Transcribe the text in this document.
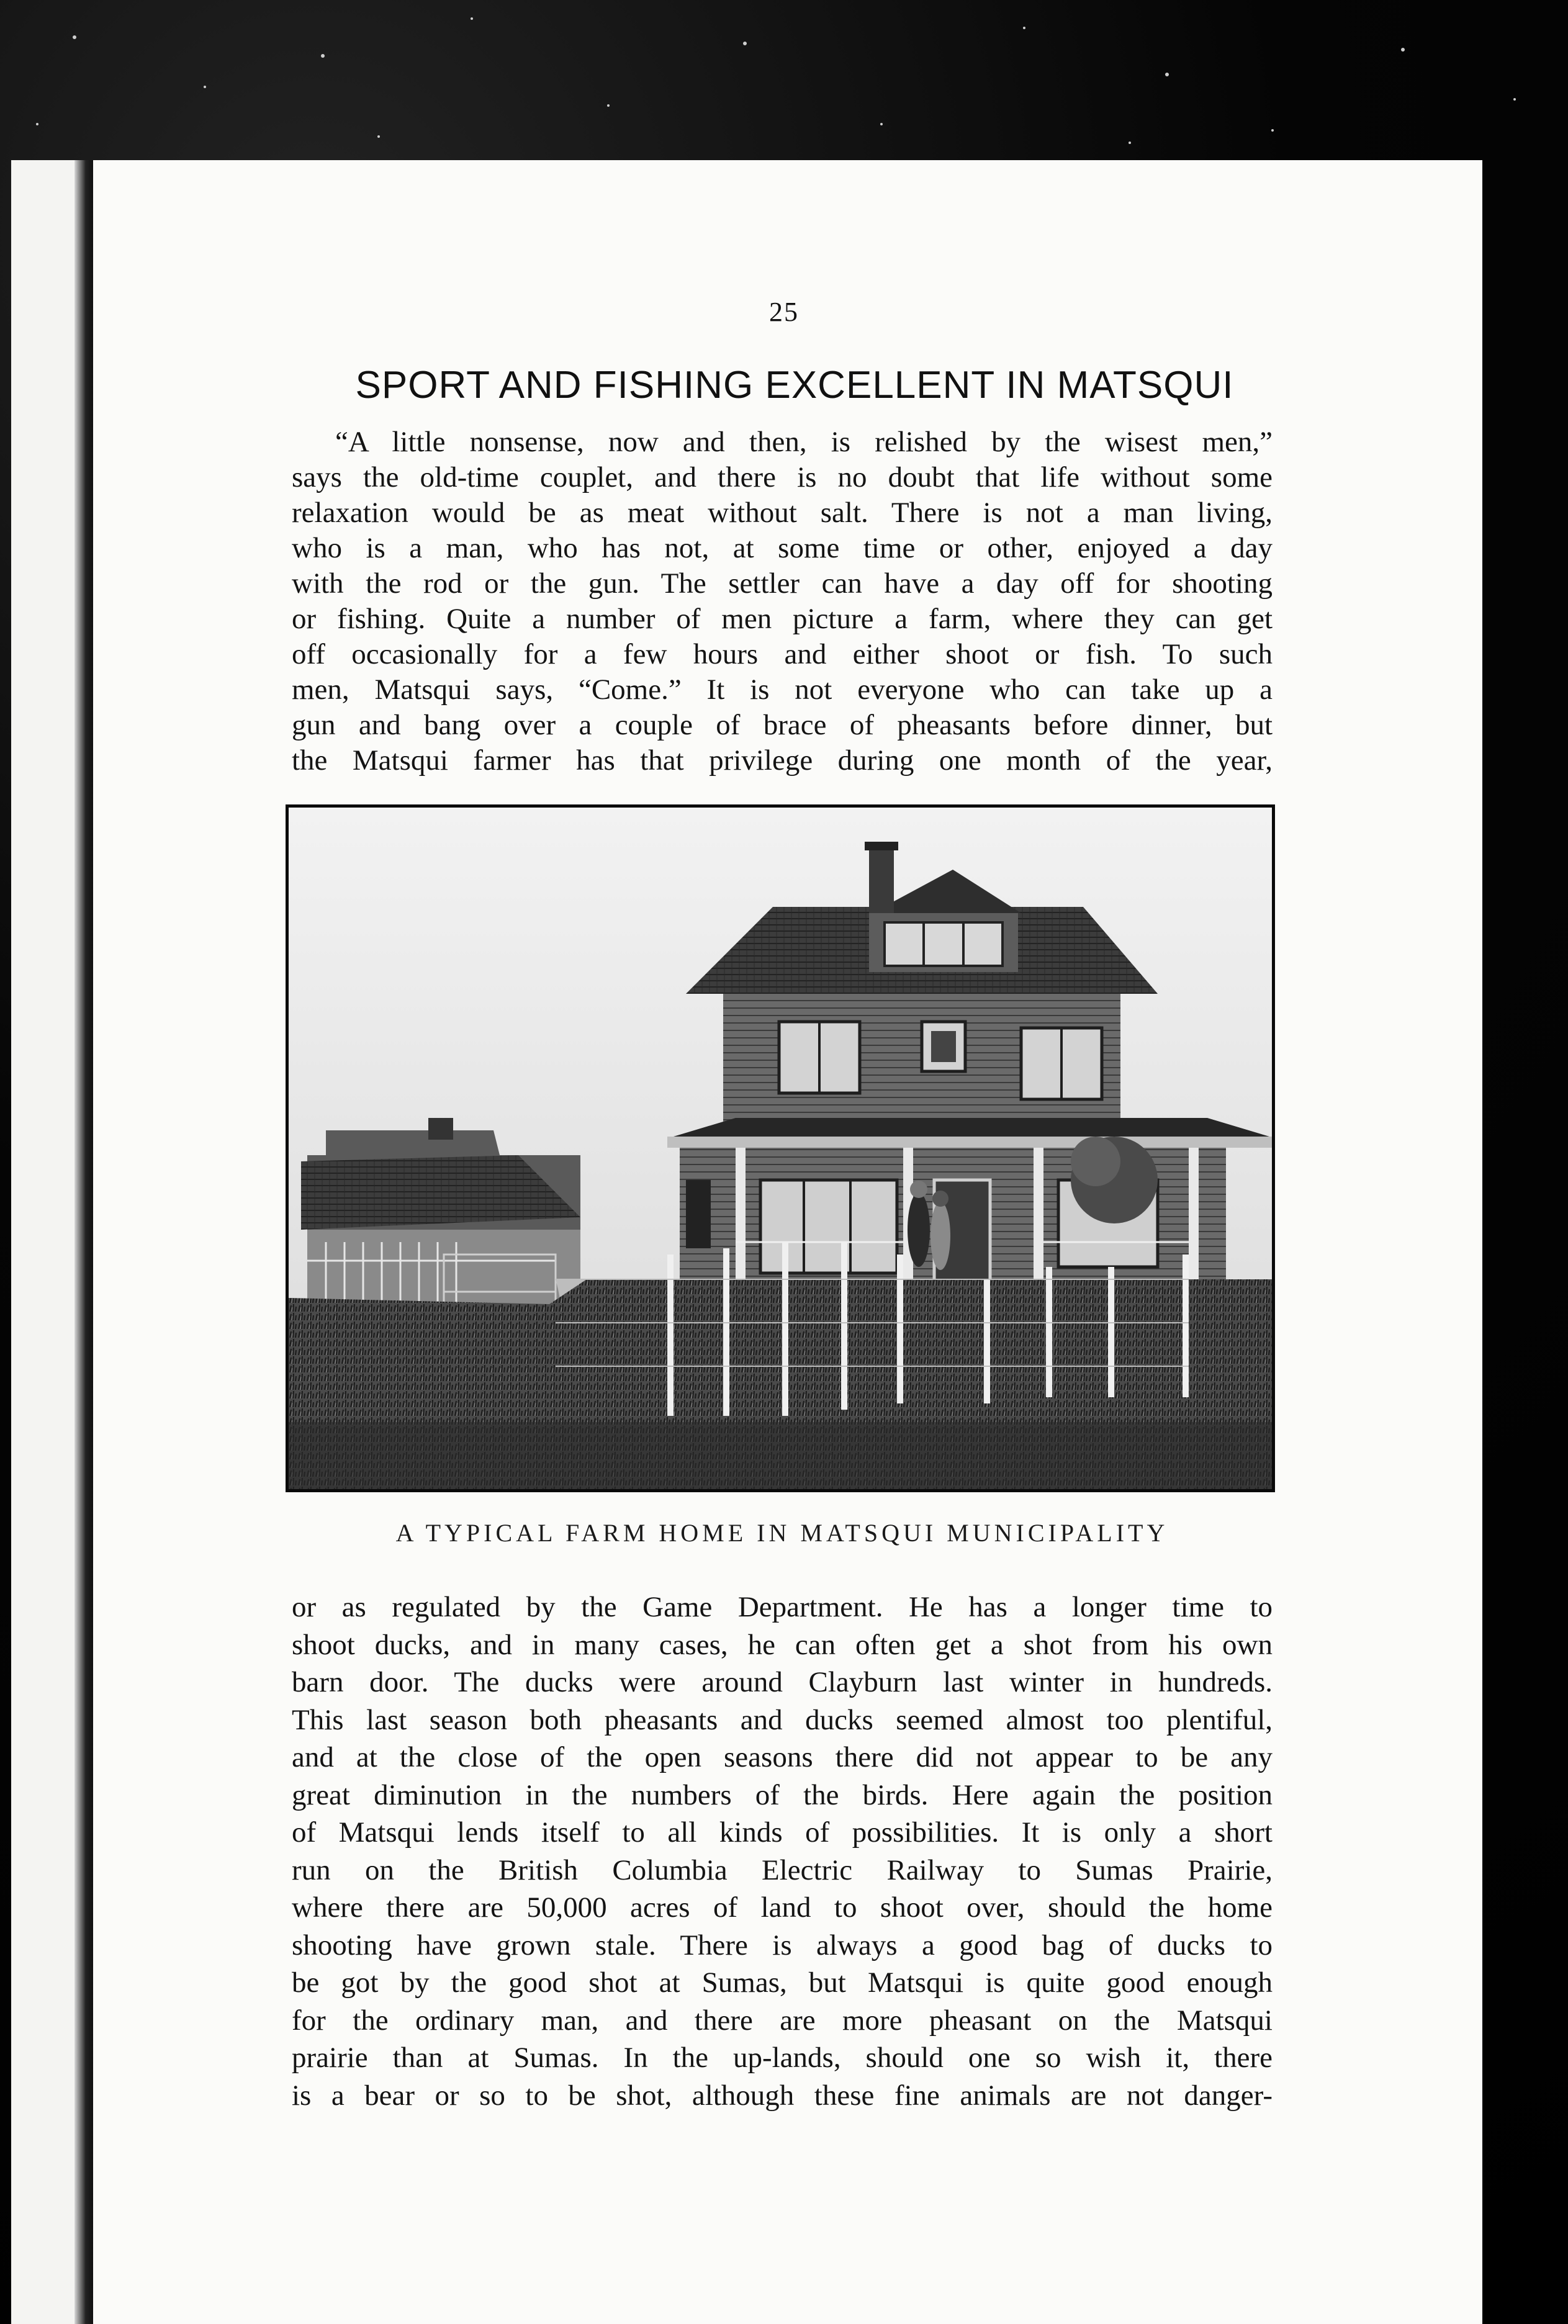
25
SPORT AND FISHING EXCELLENT IN MATSQUI
“A little nonsense, now and then, is relished by the wisest men,”
says the old-time couplet, and there is no doubt that life without some
relaxation would be as meat without salt. There is not a man living,
who is a man, who has not, at some time or other, enjoyed a day
with the rod or the gun. The settler can have a day off for shooting
or fishing. Quite a number of men picture a farm, where they can get
off occasionally for a few hours and either shoot or fish. To such
men, Matsqui says, “Come.” It is not everyone who can take up a
gun and bang over a couple of brace of pheasants before dinner, but
the Matsqui farmer has that privilege during one month of the year,
A TYPICAL FARM HOME IN MATSQUI MUNICIPALITY
or as regulated by the Game Department. He has a longer time to
shoot ducks, and in many cases, he can often get a shot from his own
barn door. The ducks were around Clayburn last winter in hundreds.
This last season both pheasants and ducks seemed almost too plentiful,
and at the close of the open seasons there did not appear to be any
great diminution in the numbers of the birds. Here again the position
of Matsqui lends itself to all kinds of possibilities. It is only a short
run on the British Columbia Electric Railway to Sumas Prairie,
where there are 50,000 acres of land to shoot over, should the home
shooting have grown stale. There is always a good bag of ducks to
be got by the good shot at Sumas, but Matsqui is quite good enough
for the ordinary man, and there are more pheasant on the Matsqui
prairie than at Sumas. In the up-lands, should one so wish it, there
is a bear or so to be shot, although these fine animals are not danger-
